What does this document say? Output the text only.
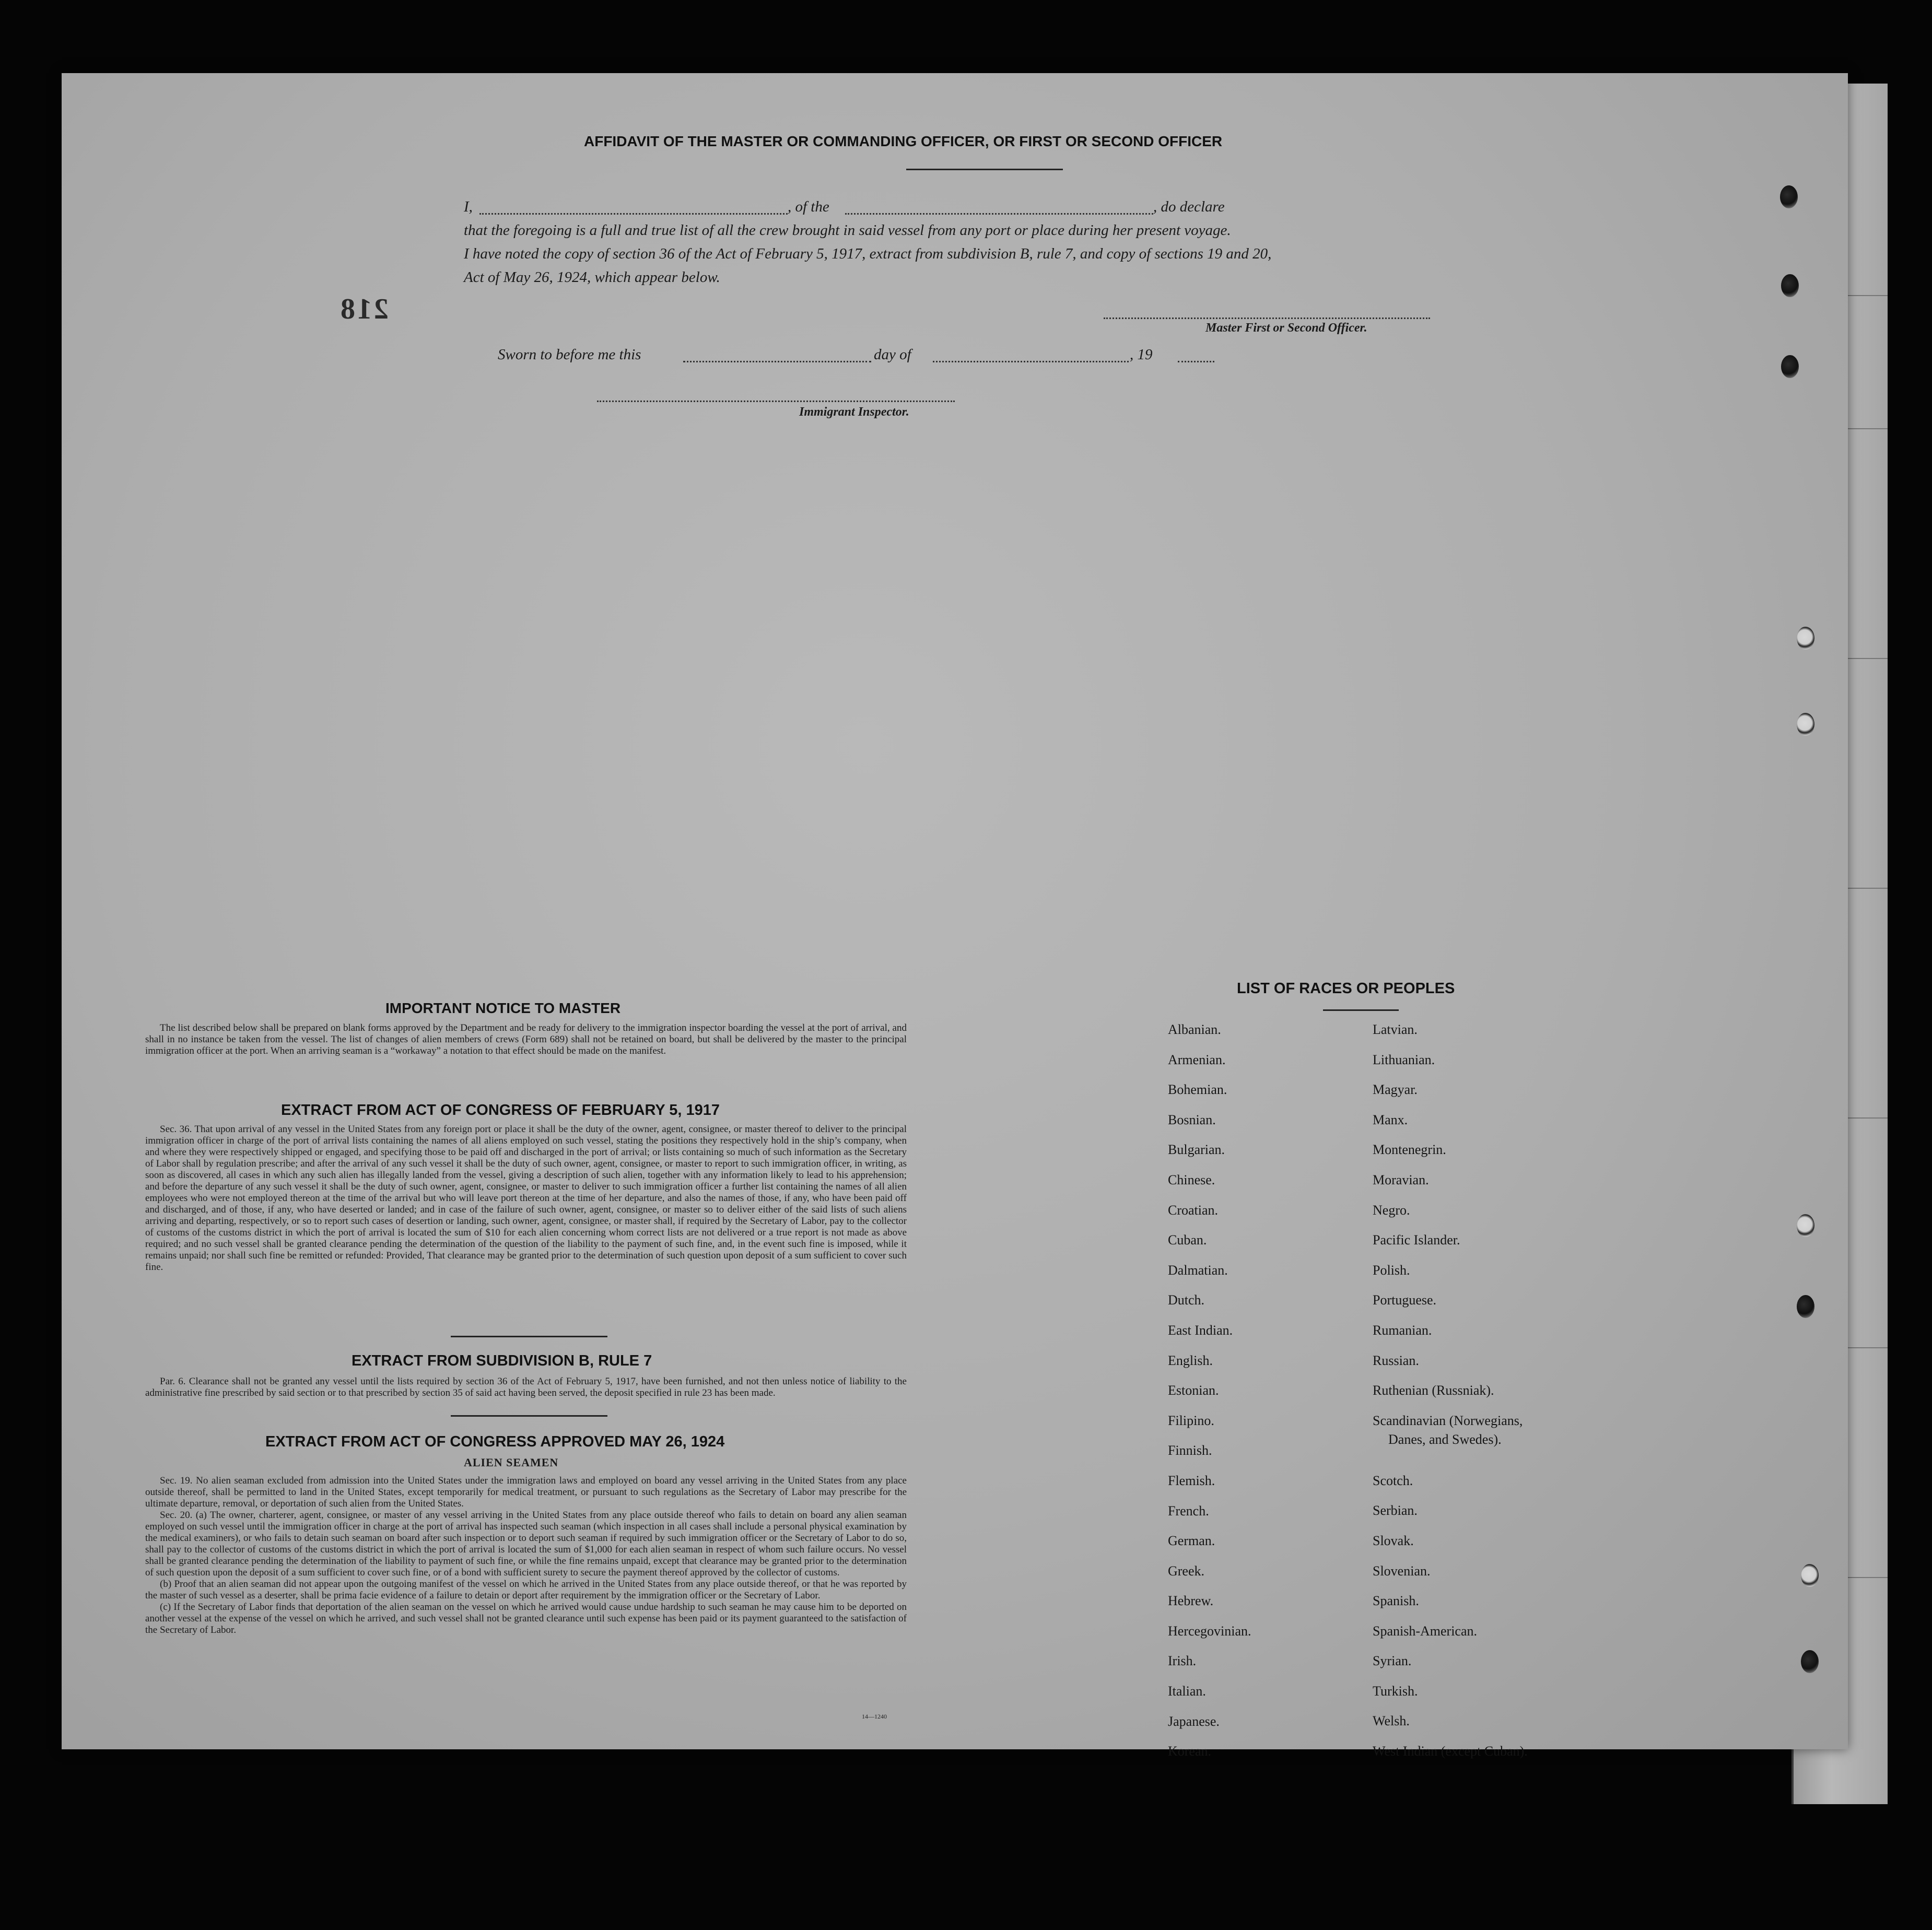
218
AFFIDAVIT OF THE MASTER OR COMMANDING OFFICER, OR FIRST OR SECOND OFFICER
I,	, of the	, do declare
that the foregoing is a full and true list of all the crew brought in said vessel from any port or place during her present voyage.
I have noted the copy of section 36 of the Act of February 5, 1917, extract from subdivision B, rule 7, and copy of sections 19 and 20,
Act of May 26, 1924, which appear below.
Master First or Second Officer.
Sworn to before me this	day of	, 19
Immigrant Inspector.
IMPORTANT NOTICE TO MASTER

The list described below shall be prepared on blank forms approved by the Department and be ready for delivery to the immigration inspector boarding the vessel at the port of arrival, and shall in no instance be taken from the vessel. The list of changes of alien members of crews (Form 689) shall not be retained on board, but shall be delivered by the master to the principal immigration officer at the port. When an arriving seaman is a “workaway” a notation to that effect should be made on the manifest.

EXTRACT FROM ACT OF CONGRESS OF FEBRUARY 5, 1917

Sec. 36. That upon arrival of any vessel in the United States from any foreign port or place it shall be the duty of the owner, agent, consignee, or master thereof to deliver to the principal immigration officer in charge of the port of arrival lists containing the names of all aliens employed on such vessel, stating the positions they respectively hold in the ship’s company, when and where they were respectively shipped or engaged, and specifying those to be paid off and discharged in the port of arrival; or lists containing so much of such information as the Secretary of Labor shall by regulation prescribe; and after the arrival of any such vessel it shall be the duty of such owner, agent, consignee, or master to report to such immigration officer, in writing, as soon as discovered, all cases in which any such alien has illegally landed from the vessel, giving a description of such alien, together with any information likely to lead to his apprehension; and before the departure of any such vessel it shall be the duty of such owner, agent, consignee, or master to deliver to such immigration officer a further list containing the names of all alien employees who were not employed thereon at the time of the arrival but who will leave port thereon at the time of her departure, and also the names of those, if any, who have been paid off and discharged, and of those, if any, who have deserted or landed; and in case of the failure of such owner, agent, consignee, or master so to deliver either of the said lists of such aliens arriving and departing, respectively, or so to report such cases of desertion or landing, such owner, agent, consignee, or master shall, if required by the Secretary of Labor, pay to the collector of customs of the customs district in which the port of arrival is located the sum of $10 for each alien concerning whom correct lists are not delivered or a true report is not made as above required; and no such vessel shall be granted clearance pending the determination of the question of the liability to the payment of such fine, and, in the event such fine is imposed, while it remains unpaid; nor shall such fine be remitted or refunded: Provided, That clearance may be granted prior to the determination of such question upon deposit of a sum sufficient to cover such fine.

EXTRACT FROM SUBDIVISION B, RULE 7

Par. 6. Clearance shall not be granted any vessel until the lists required by section 36 of the Act of February 5, 1917, have been furnished, and not then unless notice of liability to the administrative fine prescribed by said section or to that prescribed by section 35 of said act having been served, the deposit specified in rule 23 has been made.

EXTRACT FROM ACT OF CONGRESS APPROVED MAY 26, 1924
ALIEN SEAMEN

Sec. 19. No alien seaman excluded from admission into the United States under the immigration laws and employed on board any vessel arriving in the United States from any place outside thereof, shall be permitted to land in the United States, except temporarily for medical treatment, or pursuant to such regulations as the Secretary of Labor may prescribe for the ultimate departure, removal, or deportation of such alien from the United States.

Sec. 20. (a) The owner, charterer, agent, consignee, or master of any vessel arriving in the United States from any place outside thereof who fails to detain on board any alien seaman employed on such vessel until the immigration officer in charge at the port of arrival has inspected such seaman (which inspection in all cases shall include a personal physical examination by the medical examiners), or who fails to detain such seaman on board after such inspection or to deport such seaman if required by such immigration officer or the Secretary of Labor to do so, shall pay to the collector of customs of the customs district in which the port of arrival is located the sum of $1,000 for each alien seaman in respect of whom such failure occurs. No vessel shall be granted clearance pending the determination of the liability to payment of such fine, or while the fine remains unpaid, except that clearance may be granted prior to the determination of such question upon the deposit of a sum sufficient to cover such fine, or of a bond with sufficient surety to secure the payment thereof approved by the collector of customs.

(b) Proof that an alien seaman did not appear upon the outgoing manifest of the vessel on which he arrived in the United States from any place outside thereof, or that he was reported by the master of such vessel as a deserter, shall be prima facie evidence of a failure to detain or deport after requirement by the immigration officer or the Secretary of Labor.

(c) If the Secretary of Labor finds that deportation of the alien seaman on the vessel on which he arrived would cause undue hardship to such seaman he may cause him to be deported on another vessel at the expense of the vessel on which he arrived, and such vessel shall not be granted clearance until such expense has been paid or its payment guaranteed to the satisfaction of the Secretary of Labor.

14—1240
LIST OF RACES OR PEOPLES
Albanian.
Armenian.
Bohemian.
Bosnian.
Bulgarian.
Chinese.
Croatian.
Cuban.
Dalmatian.
Dutch.
East Indian.
English.
Estonian.
Filipino.
Finnish.
Flemish.
French.
German.
Greek.
Hebrew.
Hercegovinian.
Irish.
Italian.
Japanese.
Korean.
Latvian.
Lithuanian.
Magyar.
Manx.
Montenegrin.
Moravian.
Negro.
Pacific Islander.
Polish.
Portuguese.
Rumanian.
Russian.
Ruthenian (Russniak).
Scandinavian (Norwegians,
Danes, and Swedes).
Scotch.
Serbian.
Slovak.
Slovenian.
Spanish.
Spanish-American.
Syrian.
Turkish.
Welsh.
West Indian (except Cuban).
